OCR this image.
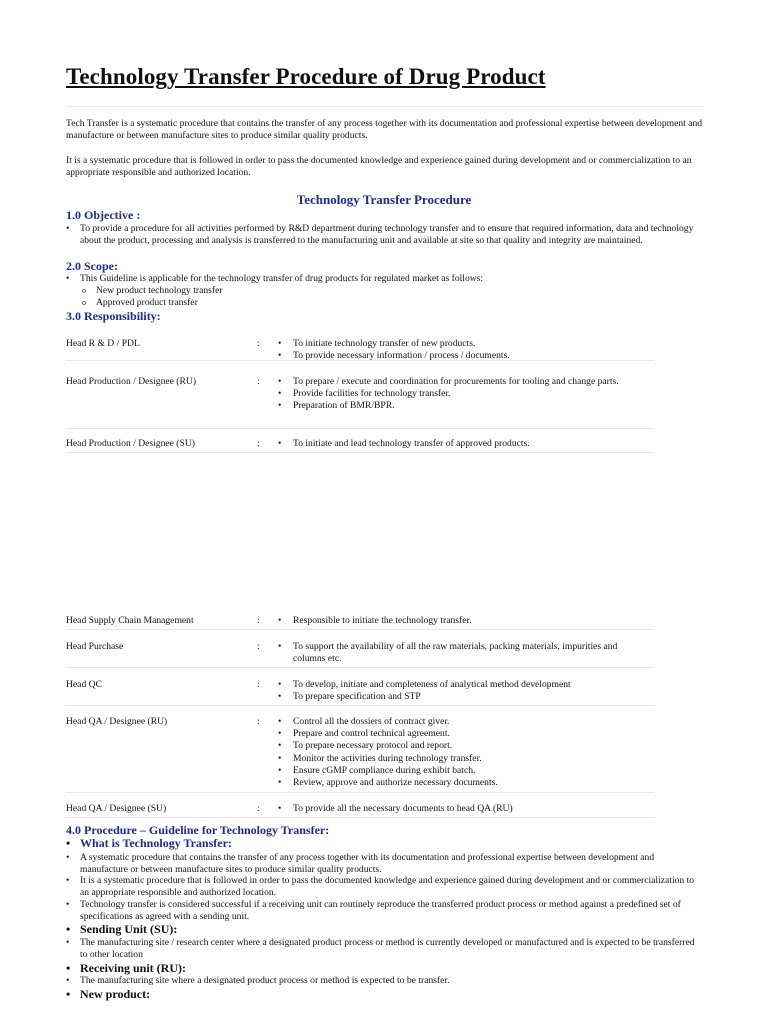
Technology Transfer Procedure of Drug Product

Tech Transfer is a systematic procedure that contains the transfer of any process together with its documentation and professional expertise between development and manufacture or between manufacture sites to produce similar quality products.

It is a systematic procedure that is followed in order to pass the documented knowledge and experience gained during development and or commercialization to an appropriate responsible and authorized location.

Technology Transfer Procedure
1.0 Objective :
• To provide a procedure for all activities performed by R&D department during technology transfer and to ensure that required information, data and technology about the product, processing and analysis is transferred to the manufacturing unit and available at site so that quality and integrity are maintained.
2.0 Scope:
• This Guideline is applicable for the technology transfer of drug products for regulated market as follows:
o New product technology transfer
o Approved product transfer
3.0 Responsibility:
Head R & D / PDL	: • To initiate technology transfer of new products.
• To provide necessary information / process / documents.
Head Production / Designee (RU)	: • To prepare / execute and coordination for procurements for tooling and change parts.
• Provide facilities for technology transfer.
• Preparation of BMR/BPR.
Head Production / Designee (SU)	: • To initiate and lead technology transfer of approved products.
Head Supply Chain Management	: • Responsible to initiate the technology transfer.
Head Purchase	: • To support the availability of all the raw materials, packing materials, impurities and columns etc.
Head QC	: • To develop, initiate and completeness of analytical method development
• To prepare specification and STP
Head QA / Designee (RU)	: • Control all the dossiers of contract giver.
• Prepare and control technical agreement.
• To prepare necessary protocol and report.
• Monitor the activities during technology transfer.
• Ensure cGMP compliance during exhibit batch.
• Review, approve and authorize necessary documents.
Head QA / Designee (SU)	: • To provide all the necessary documents to head QA (RU)
4.0 Procedure – Guideline for Technology Transfer:
• What is Technology Transfer:
• A systematic procedure that contains the transfer of any process together with its documentation and professional expertise between development and manufacture or between manufacture sites to produce similar quality products.
• It is a systematic procedure that is followed in order to pass the documented knowledge and experience gained during development and or commercialization to an appropriate responsible and authorized location.
• Technology transfer is considered successful if a receiving unit can routinely reproduce the transferred product process or method against a predefined set of specifications as agreed with a sending unit.
• Sending Unit (SU):
• The manufacturing site / research center where a designated product process or method is currently developed or manufactured and is expected to be transferred to other location
• Receiving unit (RU):
• The manufacturing site where a designated product process or method is expected to be transfer.
• New product:
